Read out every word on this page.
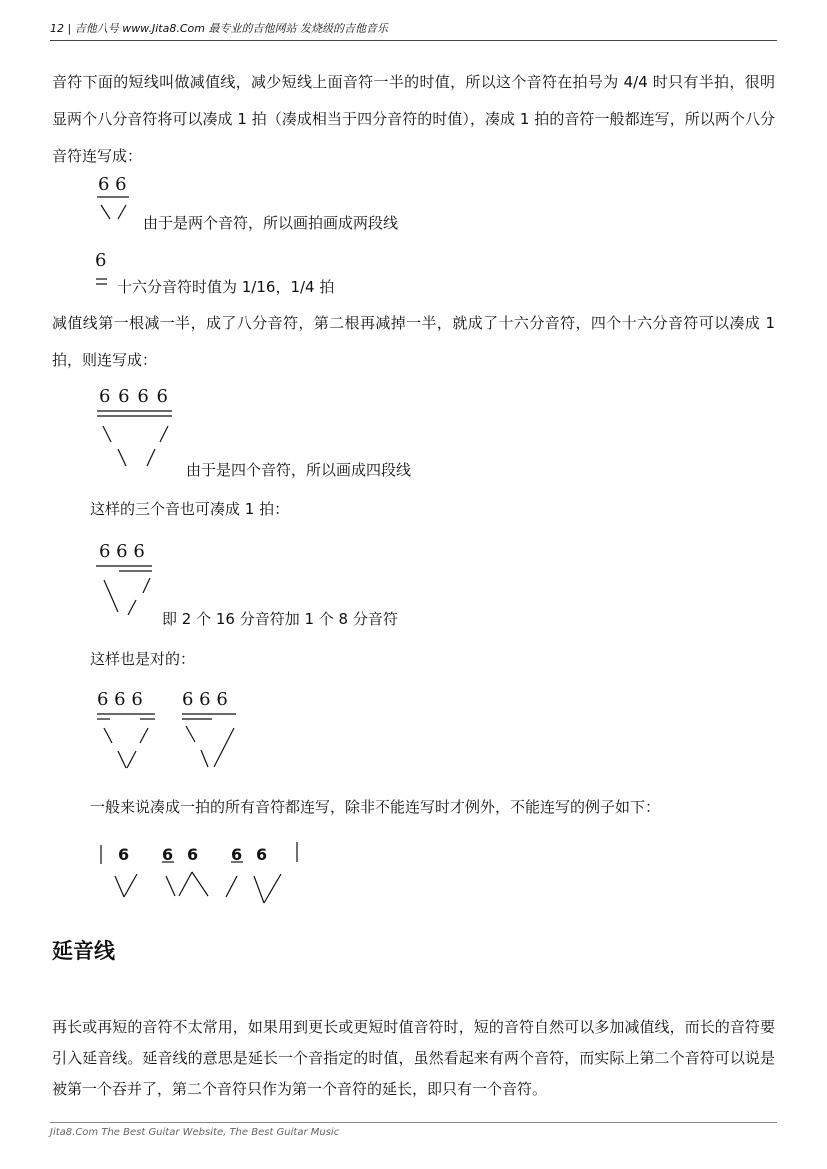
12 | 吉他八号 www.Jita8.Com 最专业的吉他网站 发烧级的吉他音乐
音符下面的短线叫做减值线，减少短线上面音符一半的时值，所以这个音符在拍号为 4/4 时只有半拍，很明显两个八分音符将可以凑成 1 拍（凑成相当于四分音符的时值），凑成 1 拍的音符一般都连写，所以两个八分音符连写成：
6 6
由于是两个音符，所以画拍画成两段线
6
十六分音符时值为 1/16，1/4 拍
减值线第一根减一半，成了八分音符，第二根再减掉一半，就成了十六分音符，四个十六分音符可以凑成 1 拍，则连写成：
6 6 6 6
由于是四个音符，所以画成四段线
这样的三个音也可凑成 1 拍：
6 6 6
即 2 个 16 分音符加 1 个 8 分音符
这样也是对的：
6 6 6 6 6 6
一般来说凑成一拍的所有音符都连写，除非不能连写时才例外，不能连写的例子如下：
6 6 6 6 6
延音线
再长或再短的音符不太常用，如果用到更长或更短时值音符时，短的音符自然可以多加减值线，而长的音符要引入延音线。延音线的意思是延长一个音指定的时值，虽然看起来有两个音符，而实际上第二个音符可以说是被第一个吞并了，第二个音符只作为第一个音符的延长，即只有一个音符。
Jita8.Com The Best Guitar Website, The Best Guitar Music
